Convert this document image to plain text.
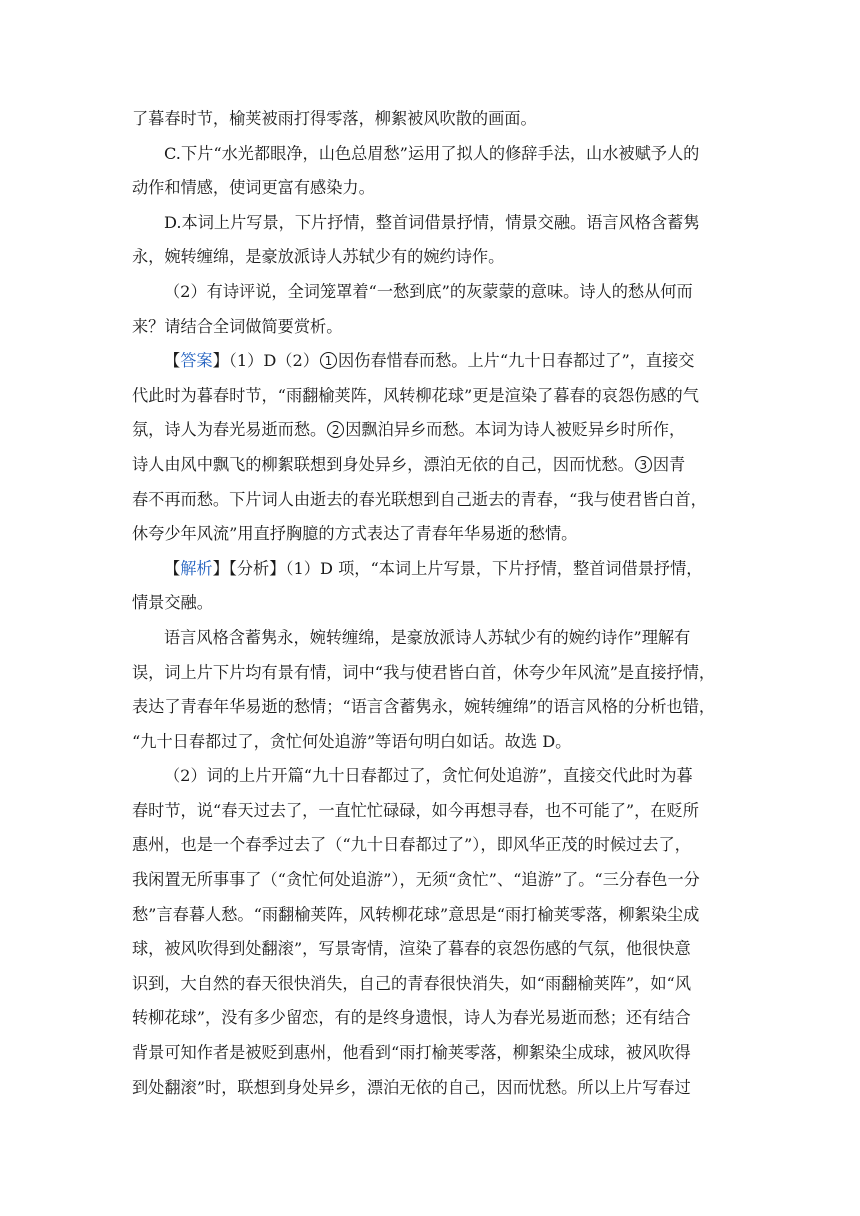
了暮春时节，榆荚被雨打得零落，柳絮被风吹散的画面。
C.下片“水光都眼净，山色总眉愁”运用了拟人的修辞手法，山水被赋予人的
动作和情感，使词更富有感染力。
D.本词上片写景，下片抒情，整首词借景抒情，情景交融。语言风格含蓄隽
永，婉转缠绵，是豪放派诗人苏轼少有的婉约诗作。
（2）有诗评说，全词笼罩着“一愁到底”的灰蒙蒙的意味。诗人的愁从何而
来？请结合全词做简要赏析。
【答案】（1）D（2） 1 因伤春惜春而愁。上片“九十日春都过了”，直接交
代此时为暮春时节，“雨翻榆荚阵，风转柳花球”更是渲染了暮春的哀怨伤感的气
氛，诗人为春光易逝而愁。 2 因飘泊异乡而愁。本词为诗人被贬异乡时所作，
诗人由风中飘飞的柳絮联想到身处异乡，漂泊无依的自己，因而忧愁。 3 因青
春不再而愁。下片词人由逝去的春光联想到自己逝去的青春，“我与使君皆白首，
休夸少年风流”用直抒胸臆的方式表达了青春年华易逝的愁情。
【解析】【分析】（1）D 项，“本词上片写景，下片抒情，整首词借景抒情，
情景交融。
语言风格含蓄隽永，婉转缠绵，是豪放派诗人苏轼少有的婉约诗作”理解有
误，词上片下片均有景有情，词中“我与使君皆白首，休夸少年风流”是直接抒情，
表达了青春年华易逝的愁情；“语言含蓄隽永，婉转缠绵”的语言风格的分析也错，
“九十日春都过了，贪忙何处追游”等语句明白如话。故选 D。
（2）词的上片开篇“九十日春都过了，贪忙何处追游”，直接交代此时为暮
春时节，说“春天过去了，一直忙忙碌碌，如今再想寻春，也不可能了”，在贬所
惠州，也是一个春季过去了（“九十日春都过了”），即风华正茂的时候过去了，
我闲置无所事事了（“贪忙何处追游”），无须“贪忙”、“追游”了。“三分春色一分
愁”言春暮人愁。“雨翻榆荚阵，风转柳花球”意思是“雨打榆荚零落，柳絮染尘成
球，被风吹得到处翻滚”，写景寄情，渲染了暮春的哀怨伤感的气氛，他很快意
识到，大自然的春天很快消失，自己的青春很快消失，如“雨翻榆荚阵”，如“风
转柳花球”，没有多少留恋，有的是终身遗恨，诗人为春光易逝而愁；还有结合
背景可知作者是被贬到惠州，他看到“雨打榆荚零落，柳絮染尘成球，被风吹得
到处翻滚”时，联想到身处异乡，漂泊无依的自己，因而忧愁。所以上片写春过
